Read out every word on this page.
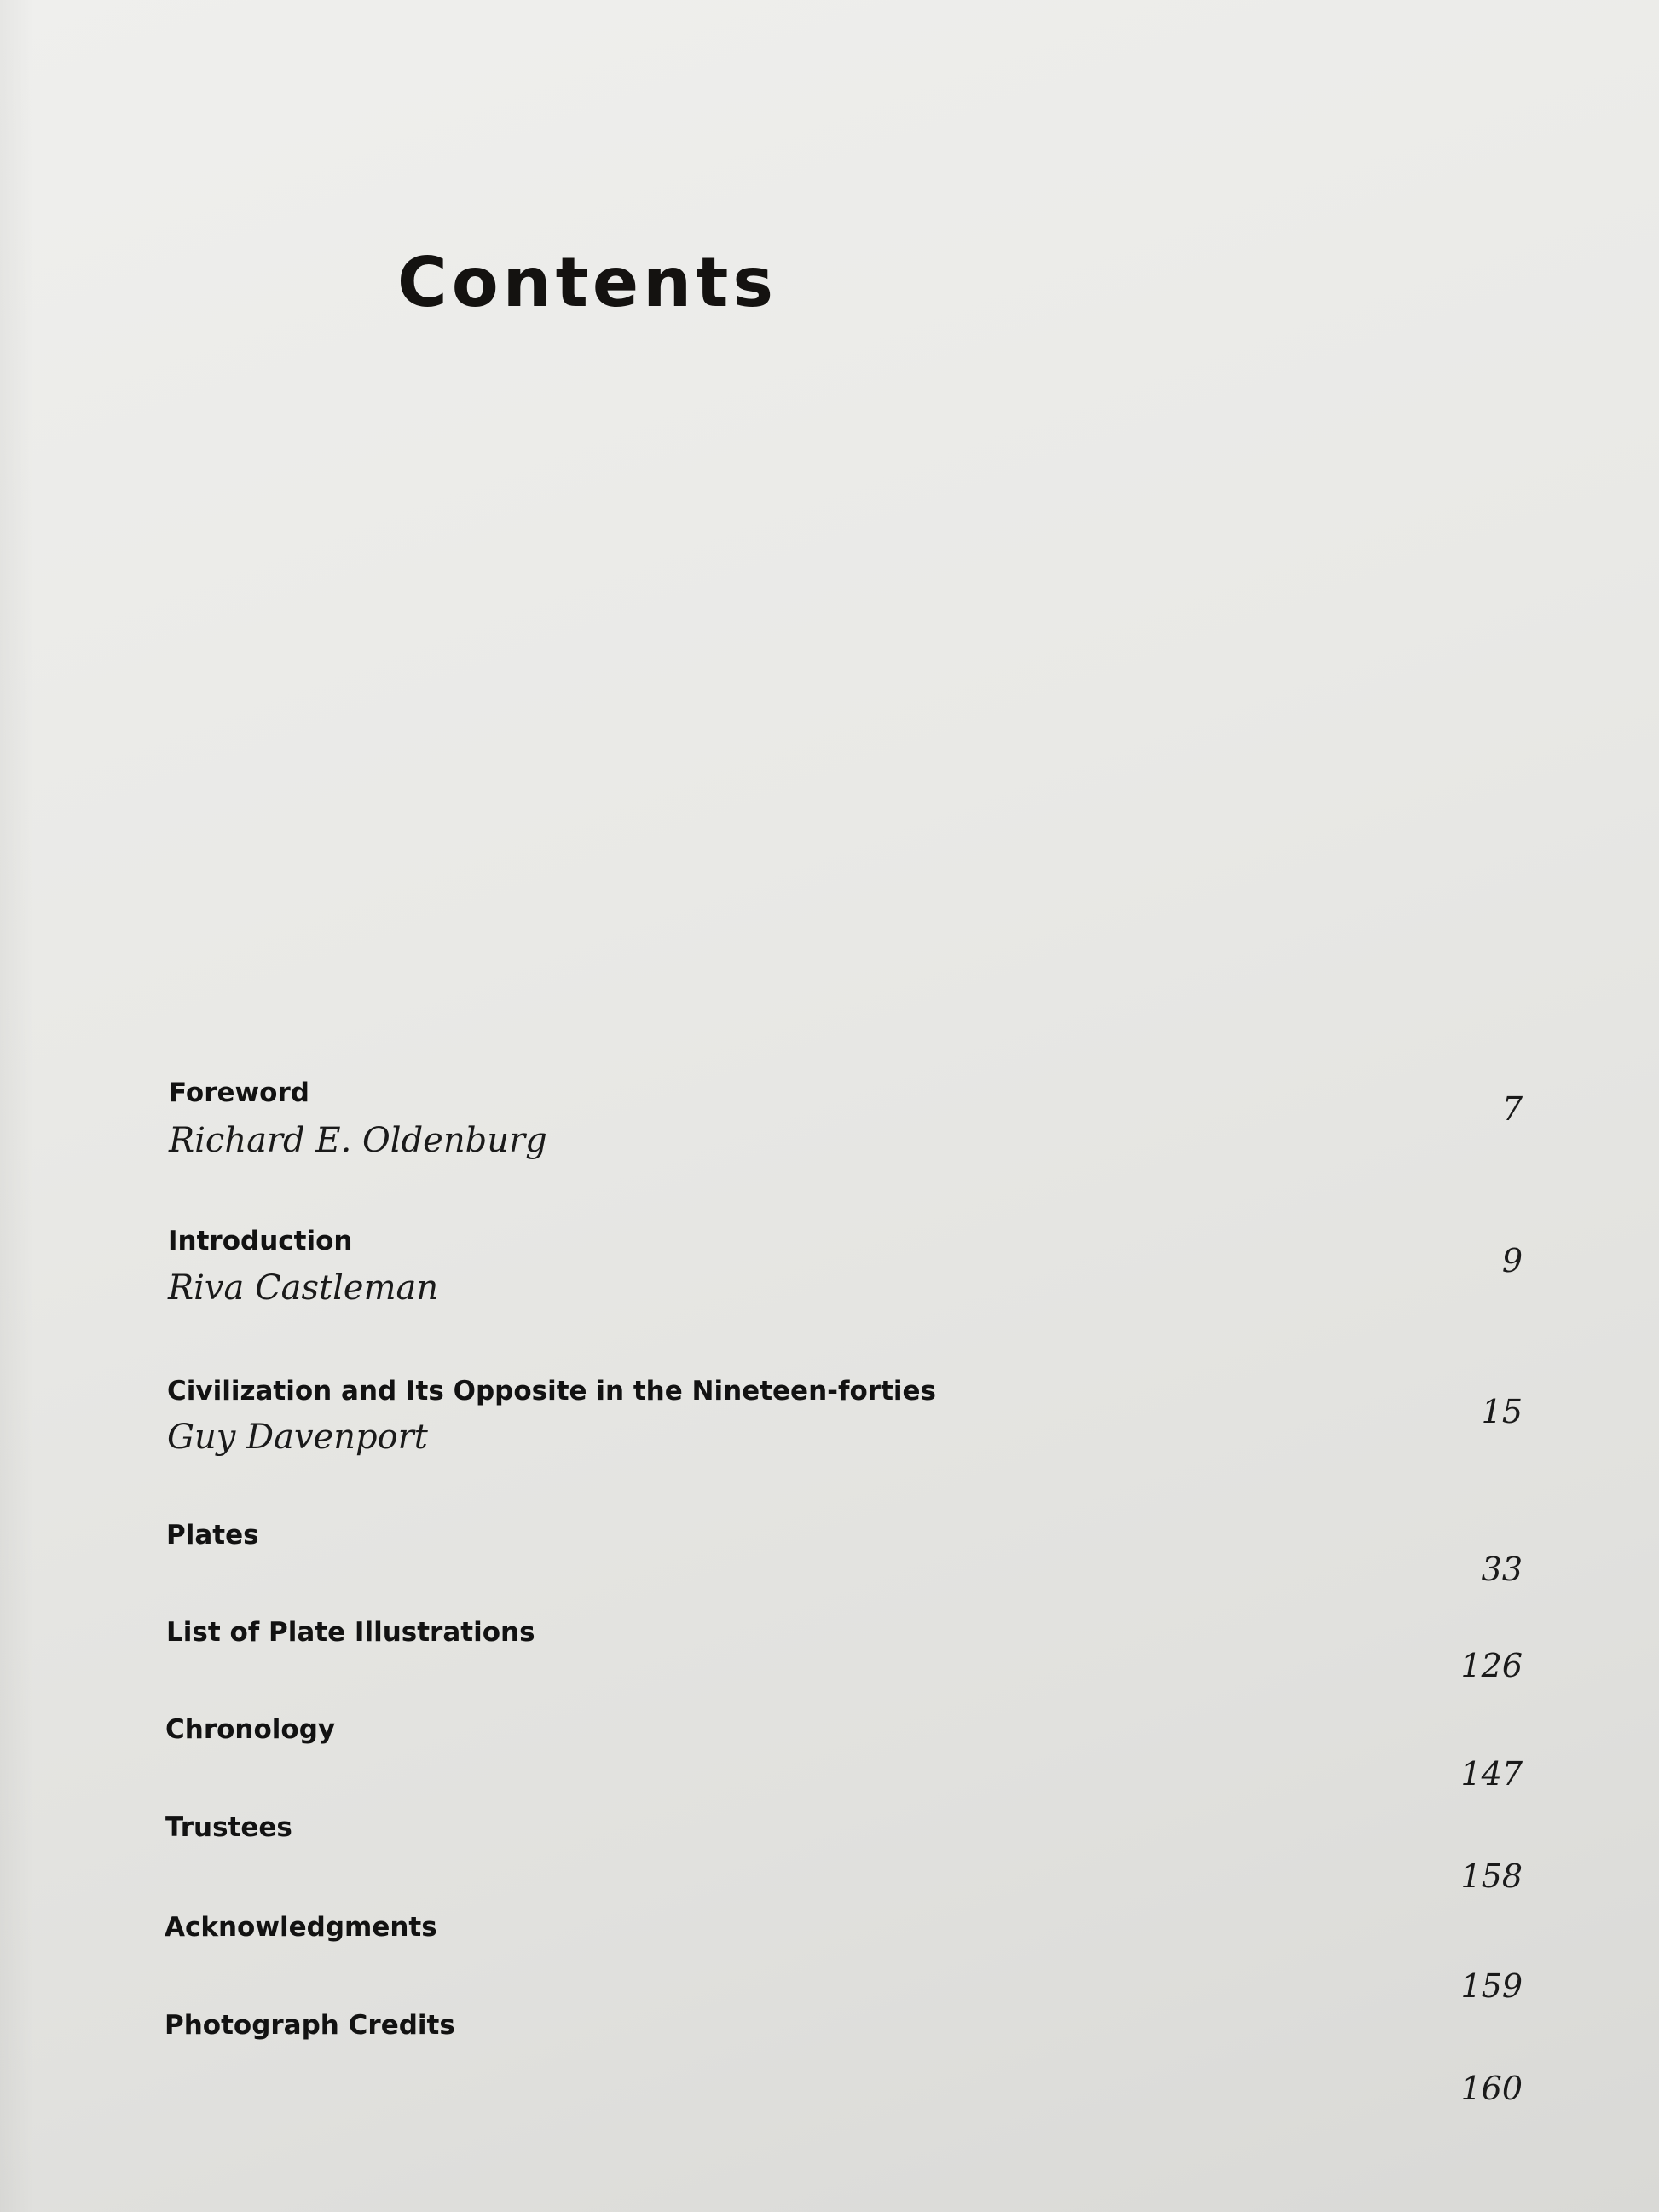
Contents
Foreword
Richard E. Oldenburg
7
Introduction
Riva Castleman
9
Civilization and Its Opposite in the Nineteen-forties
Guy Davenport
15
Plates
33
List of Plate Illustrations
126
Chronology
147
Trustees
158
Acknowledgments
159
Photograph Credits
160
